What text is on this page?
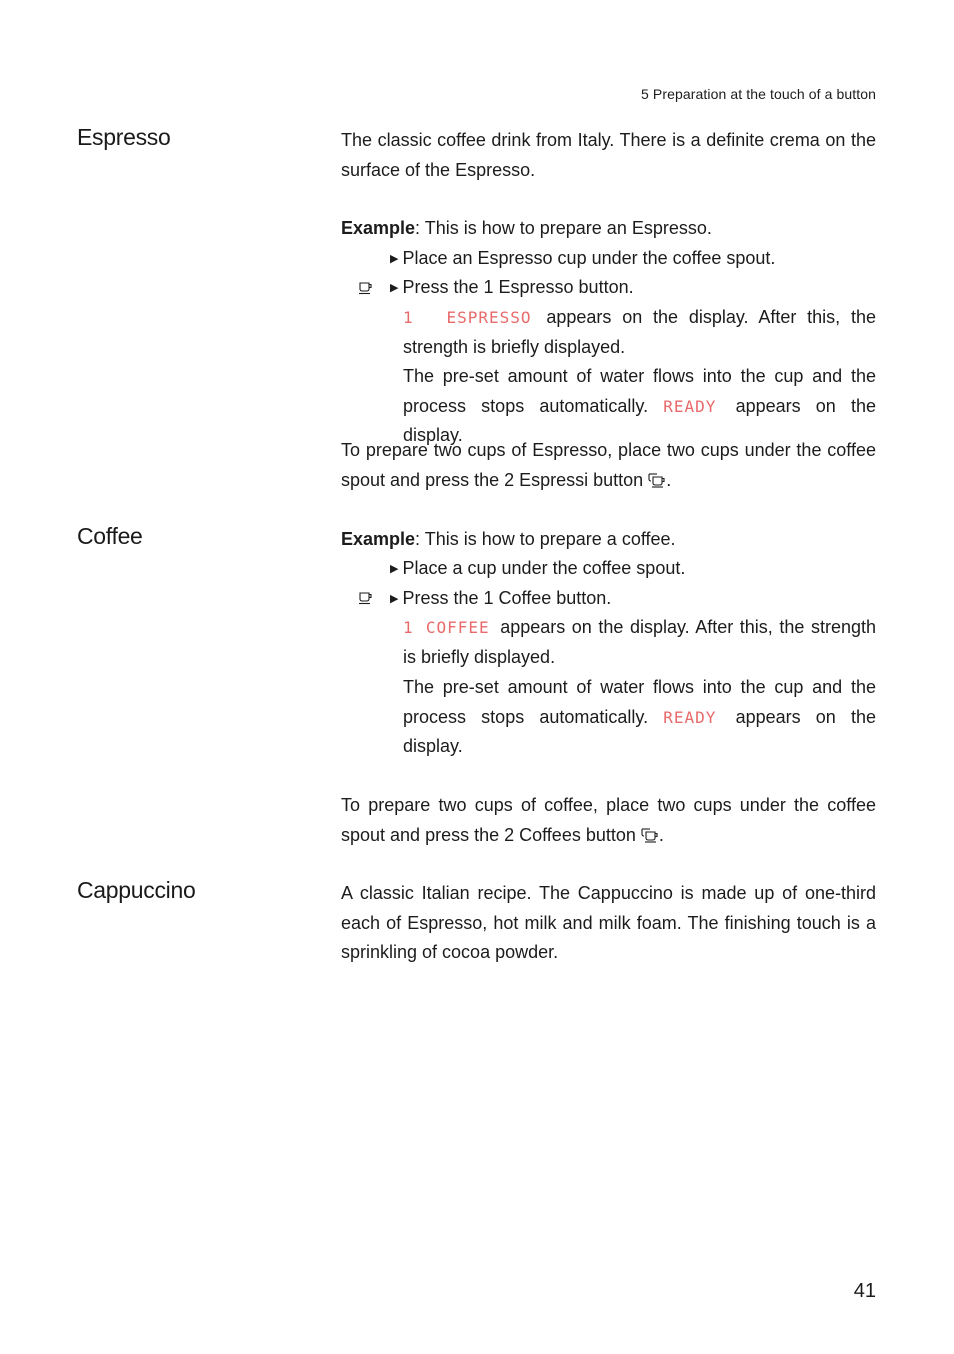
5 Preparation at the touch of a button
Espresso	The classic coffee drink from Italy. There is a definite crema on the surface of the Espresso.

Example: This is how to prepare an Espresso.

▶ Place an Espresso cup under the coffee spout.
▶ Press the 1 Espresso button.

1  ESPRESSO appears on the display. After this, the strength is briefly displayed.

The pre-set amount of water flows into the cup and the process stops automatically. READY appears on the display.

To prepare two cups of Espresso, place two cups under the coffee spout and press the 2 Espressi button .

Coffee	Example: This is how to prepare a coffee.

▶ Place a cup under the coffee spout.
▶ Press the 1 Coffee button.

1 COFFEE appears on the display. After this, the strength is briefly displayed.

The pre-set amount of water flows into the cup and the process stops automatically. READY appears on the display.

To prepare two cups of coffee, place two cups under the coffee spout and press the 2 Coffees button .

Cappuccino	A classic Italian recipe. The Cappuccino is made up of one-third each of Espresso, hot milk and milk foam. The finishing touch is a sprinkling of cocoa powder.

41
